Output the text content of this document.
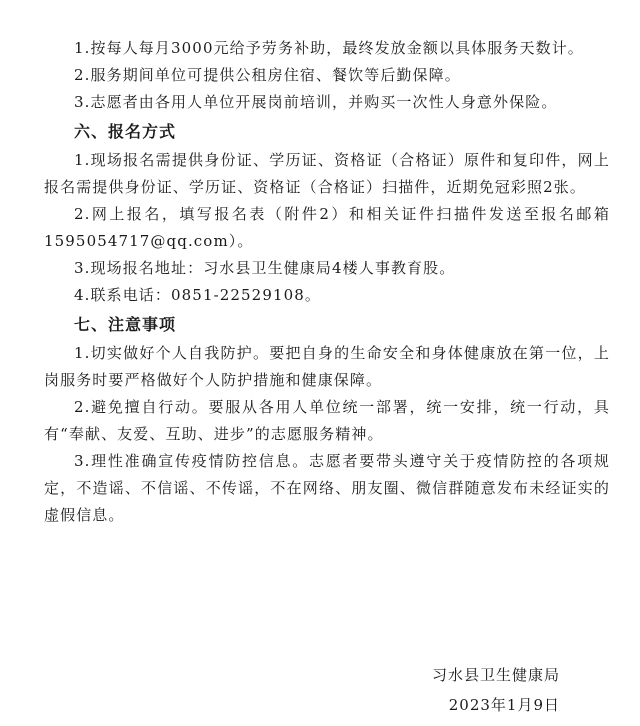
1.按每人每月3000元给予劳务补助，最终发放金额以具体服务天数计。

2.服务期间单位可提供公租房住宿、餐饮等后勤保障。

3.志愿者由各用人单位开展岗前培训，并购买一次性人身意外保险。

六、报名方式

1.现场报名需提供身份证、学历证、资格证（合格证）原件和复印件，网上报名需提供身份证、学历证、资格证（合格证）扫描件，近期免冠彩照2张。

2.网上报名，填写报名表（附件2）和相关证件扫描件发送至报名邮箱1595054717@qq.com）。

3.现场报名地址：习水县卫生健康局4楼人事教育股。

4.联系电话：0851-22529108。

七、注意事项

1.切实做好个人自我防护。要把自身的生命安全和身体健康放在第一位，上岗服务时要严格做好个人防护措施和健康保障。

2.避免擅自行动。要服从各用人单位统一部署，统一安排，统一行动，具有“奉献、友爱、互助、进步”的志愿服务精神。

3.理性准确宣传疫情防控信息。志愿者要带头遵守关于疫情防控的各项规定，不造谣、不信谣、不传谣，不在网络、朋友圈、微信群随意发布未经证实的虚假信息。

习水县卫生健康局
2023年1月9日
